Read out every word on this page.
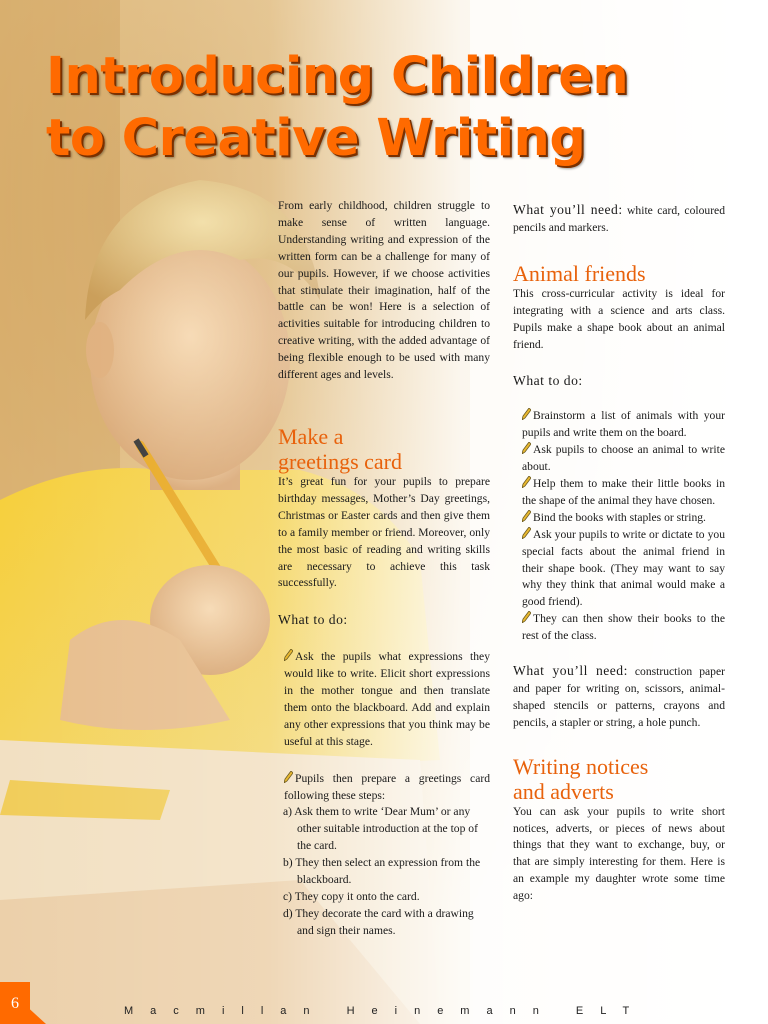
Introducing Children
to Creative Writing

From early childhood, children struggle to make sense of written language. Understanding writing and expression of the written form can be a challenge for many of our pupils. However, if we choose activities that stimulate their imagination, half of the battle can be won! Here is a selection of activities suitable for introducing children to creative writing, with the added advantage of being flexible enough to be used with many different ages and levels.

Make a
greetings card

It’s great fun for your pupils to prepare birthday messages, Mother’s Day greetings, Christmas or Easter cards and then give them to a family member or friend. Moreover, only the most basic of reading and writing skills are necessary to achieve this task successfully.

What to do:

Ask the pupils what expressions they would like to write. Elicit short expressions in the mother tongue and then translate them onto the blackboard. Add and explain any other expressions that you think may be useful at this stage.

Pupils then prepare a greetings card following these steps:

a) Ask them to write ‘Dear Mum’ or any other suitable introduction at the top of the card.
b) They then select an expression from the blackboard.
c) They copy it onto the card.
d) They decorate the card with a drawing and sign their names.

What you’ll need: white card, coloured pencils and markers.

Animal friends

This cross-curricular activity is ideal for integrating with a science and arts class. Pupils make a shape book about an animal friend.

What to do:

Brainstorm a list of animals with your pupils and write them on the board.

Ask pupils to choose an animal to write about.

Help them to make their little books in the shape of the animal they have chosen.

Bind the books with staples or string.

Ask your pupils to write or dictate to you special facts about the animal friend in their shape book. (They may want to say why they think that animal would make a good friend).

They can then show their books to the rest of the class.

What you’ll need: construction paper and paper for writing on, scissors, animal-shaped stencils or patterns, crayons and pencils, a stapler or string, a hole punch.

Writing notices
and adverts

You can ask your pupils to write short notices, adverts, or pieces of news about things that they want to exchange, buy, or that are simply interesting for them. Here is an example my daughter wrote some time ago:

6	Macmillan Heinemann ELT
